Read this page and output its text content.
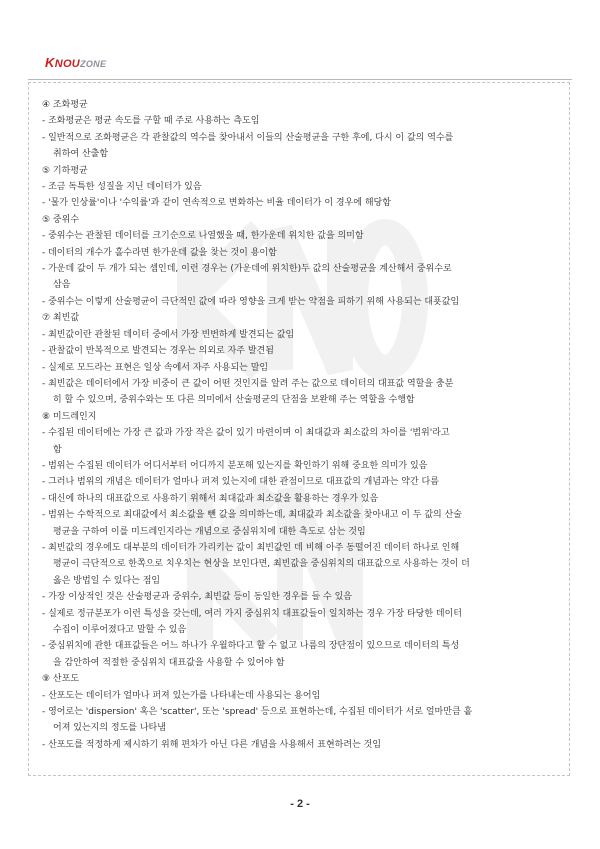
KNOUZONE
④ 조화평균
- 조화평균은 평균 속도를 구할 때 주로 사용하는 측도임
- 일반적으로 조화평균은 각 관찰값의 역수를 찾아내서 이들의 산술평균을 구한 후에, 다시 이 값의 역수를
취하여 산출함
⑤ 기하평균
- 조금 독특한 성질을 지닌 데이터가 있음
- '물가 인상률'이나 '수익률'과 같이 연속적으로 변화하는 비율 데이터가 이 경우에 해당함
⑤ 중위수
- 중위수는 관찰된 데이터를 크기순으로 나열했을 때, 한가운데 위치한 값을 의미함
- 데이터의 개수가 홀수라면 한가운데 값을 찾는 것이 용이함
- 가운데 값이 두 개가 되는 셈인데, 이런 경우는 (가운데에 위치한)두 값의 산술평균을 계산해서 중위수로
삼음
- 중위수는 이렇게 산술평균이 극단적인 값에 따라 영향을 크게 받는 약점을 피하기 위해 사용되는 대푯값임
⑦ 최빈값
- 최빈값이란 관찰된 데이터 중에서 가장 빈번하게 발견되는 값임
- 관찰값이 반복적으로 발견되는 경우는 의외로 자주 발견됨
- 실제로 모드라는 표현은 일상 속에서 자주 사용되는 말임
- 최빈값은 데이터에서 가장 비중이 큰 값이 어떤 것인지를 알려 주는 값으로 데이터의 대표값 역할을 충분
히 할 수 있으며, 중위수와는 또 다른 의미에서 산술평균의 단점을 보완해 주는 역할을 수행함
⑧ 미드레인지
- 수집된 데이터에는 가장 큰 값과 가장 작은 값이 있기 마련이며 이 최대값과 최소값의 차이를 '범위'라고
함
- 범위는 수집된 데이터가 어디서부터 어디까지 분포해 있는지를 확인하기 위해 중요한 의미가 있음
- 그러나 범위의 개념은 데이터가 얼마나 퍼져 있는지에 대한 관점이므로 대표값의 개념과는 약간 다름
- 대신에 하나의 대표값으로 사용하기 위해서 최대값과 최소값을 활용하는 경우가 있음
- 범위는 수학적으로 최대값에서 최소값을 뺀 값을 의미하는데, 최대값과 최소값을 찾아내고 이 두 값의 산술
평균을 구하여 이를 미드레인지라는 개념으로 중심위치에 대한 측도로 삼는 것임
- 최빈값의 경우에도 대부분의 데이터가 가리키는 값이 최빈값인 데 비해 아주 동떨어진 데이터 하나로 인해
평균이 극단적으로 한쪽으로 치우치는 현상을 보인다면, 최빈값을 중심위치의 대표값으로 사용하는 것이 더
옳은 방법일 수 있다는 점임
- 가장 이상적인 것은 산술평균과 중위수, 최빈값 등이 동일한 경우를 들 수 있음
- 실제로 정규분포가 이런 특성을 갖는데, 여러 가지 중심위치 대표값들이 일치하는 경우 가장 타당한 데이터
수집이 이루어졌다고 말할 수 있음
- 중심위치에 관한 대표값들은 어느 하나가 우월하다고 할 수 없고 나름의 장단점이 있으므로 데이터의 특성
을 감안하여 적절한 중심위치 대표값을 사용할 수 있어야 함
⑨ 산포도
- 산포도는 데이터가 얼마나 퍼져 있는가를 나타내는데 사용되는 용어임
- 영어로는 'dispersion' 혹은 'scatter', 또는 'spread' 등으로 표현하는데, 수집된 데이터가 서로 얼마만큼 흩
어져 있는지의 정도를 나타냄
- 산포도를 적정하게 제시하기 위해 편차가 아닌 다른 개념을 사용해서 표현하려는 것임
- 2 -
